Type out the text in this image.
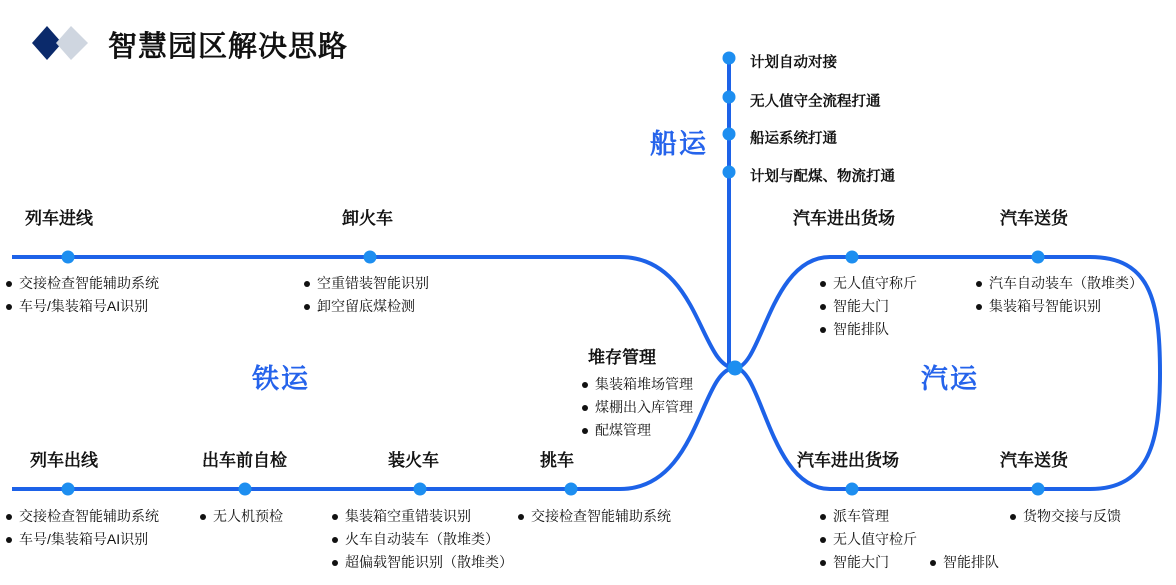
智慧园区解决思路
铁运
船运
汽运
计划自动对接
无人值守全流程打通
船运系统打通
计划与配煤、物流打通
列车进线
交接检查智能辅助系统
车号/集装箱号AI识别
卸火车
空重错装智能识别
卸空留底煤检测
汽车进出货场
无人值守称斤
智能大门
智能排队
汽车送货
汽车自动装车（散堆类）
集装箱号智能识别
堆存管理
集装箱堆场管理
煤棚出入库管理
配煤管理
列车出线
交接检查智能辅助系统
车号/集装箱号AI识别
出车前自检
无人机预检
装火车
集装箱空重错装识别
火车自动装车（散堆类）
超偏载智能识别（散堆类）
挑车
交接检查智能辅助系统
汽车进出货场
派车管理
无人值守检斤
智能大门	智能排队
汽车送货
货物交接与反馈
